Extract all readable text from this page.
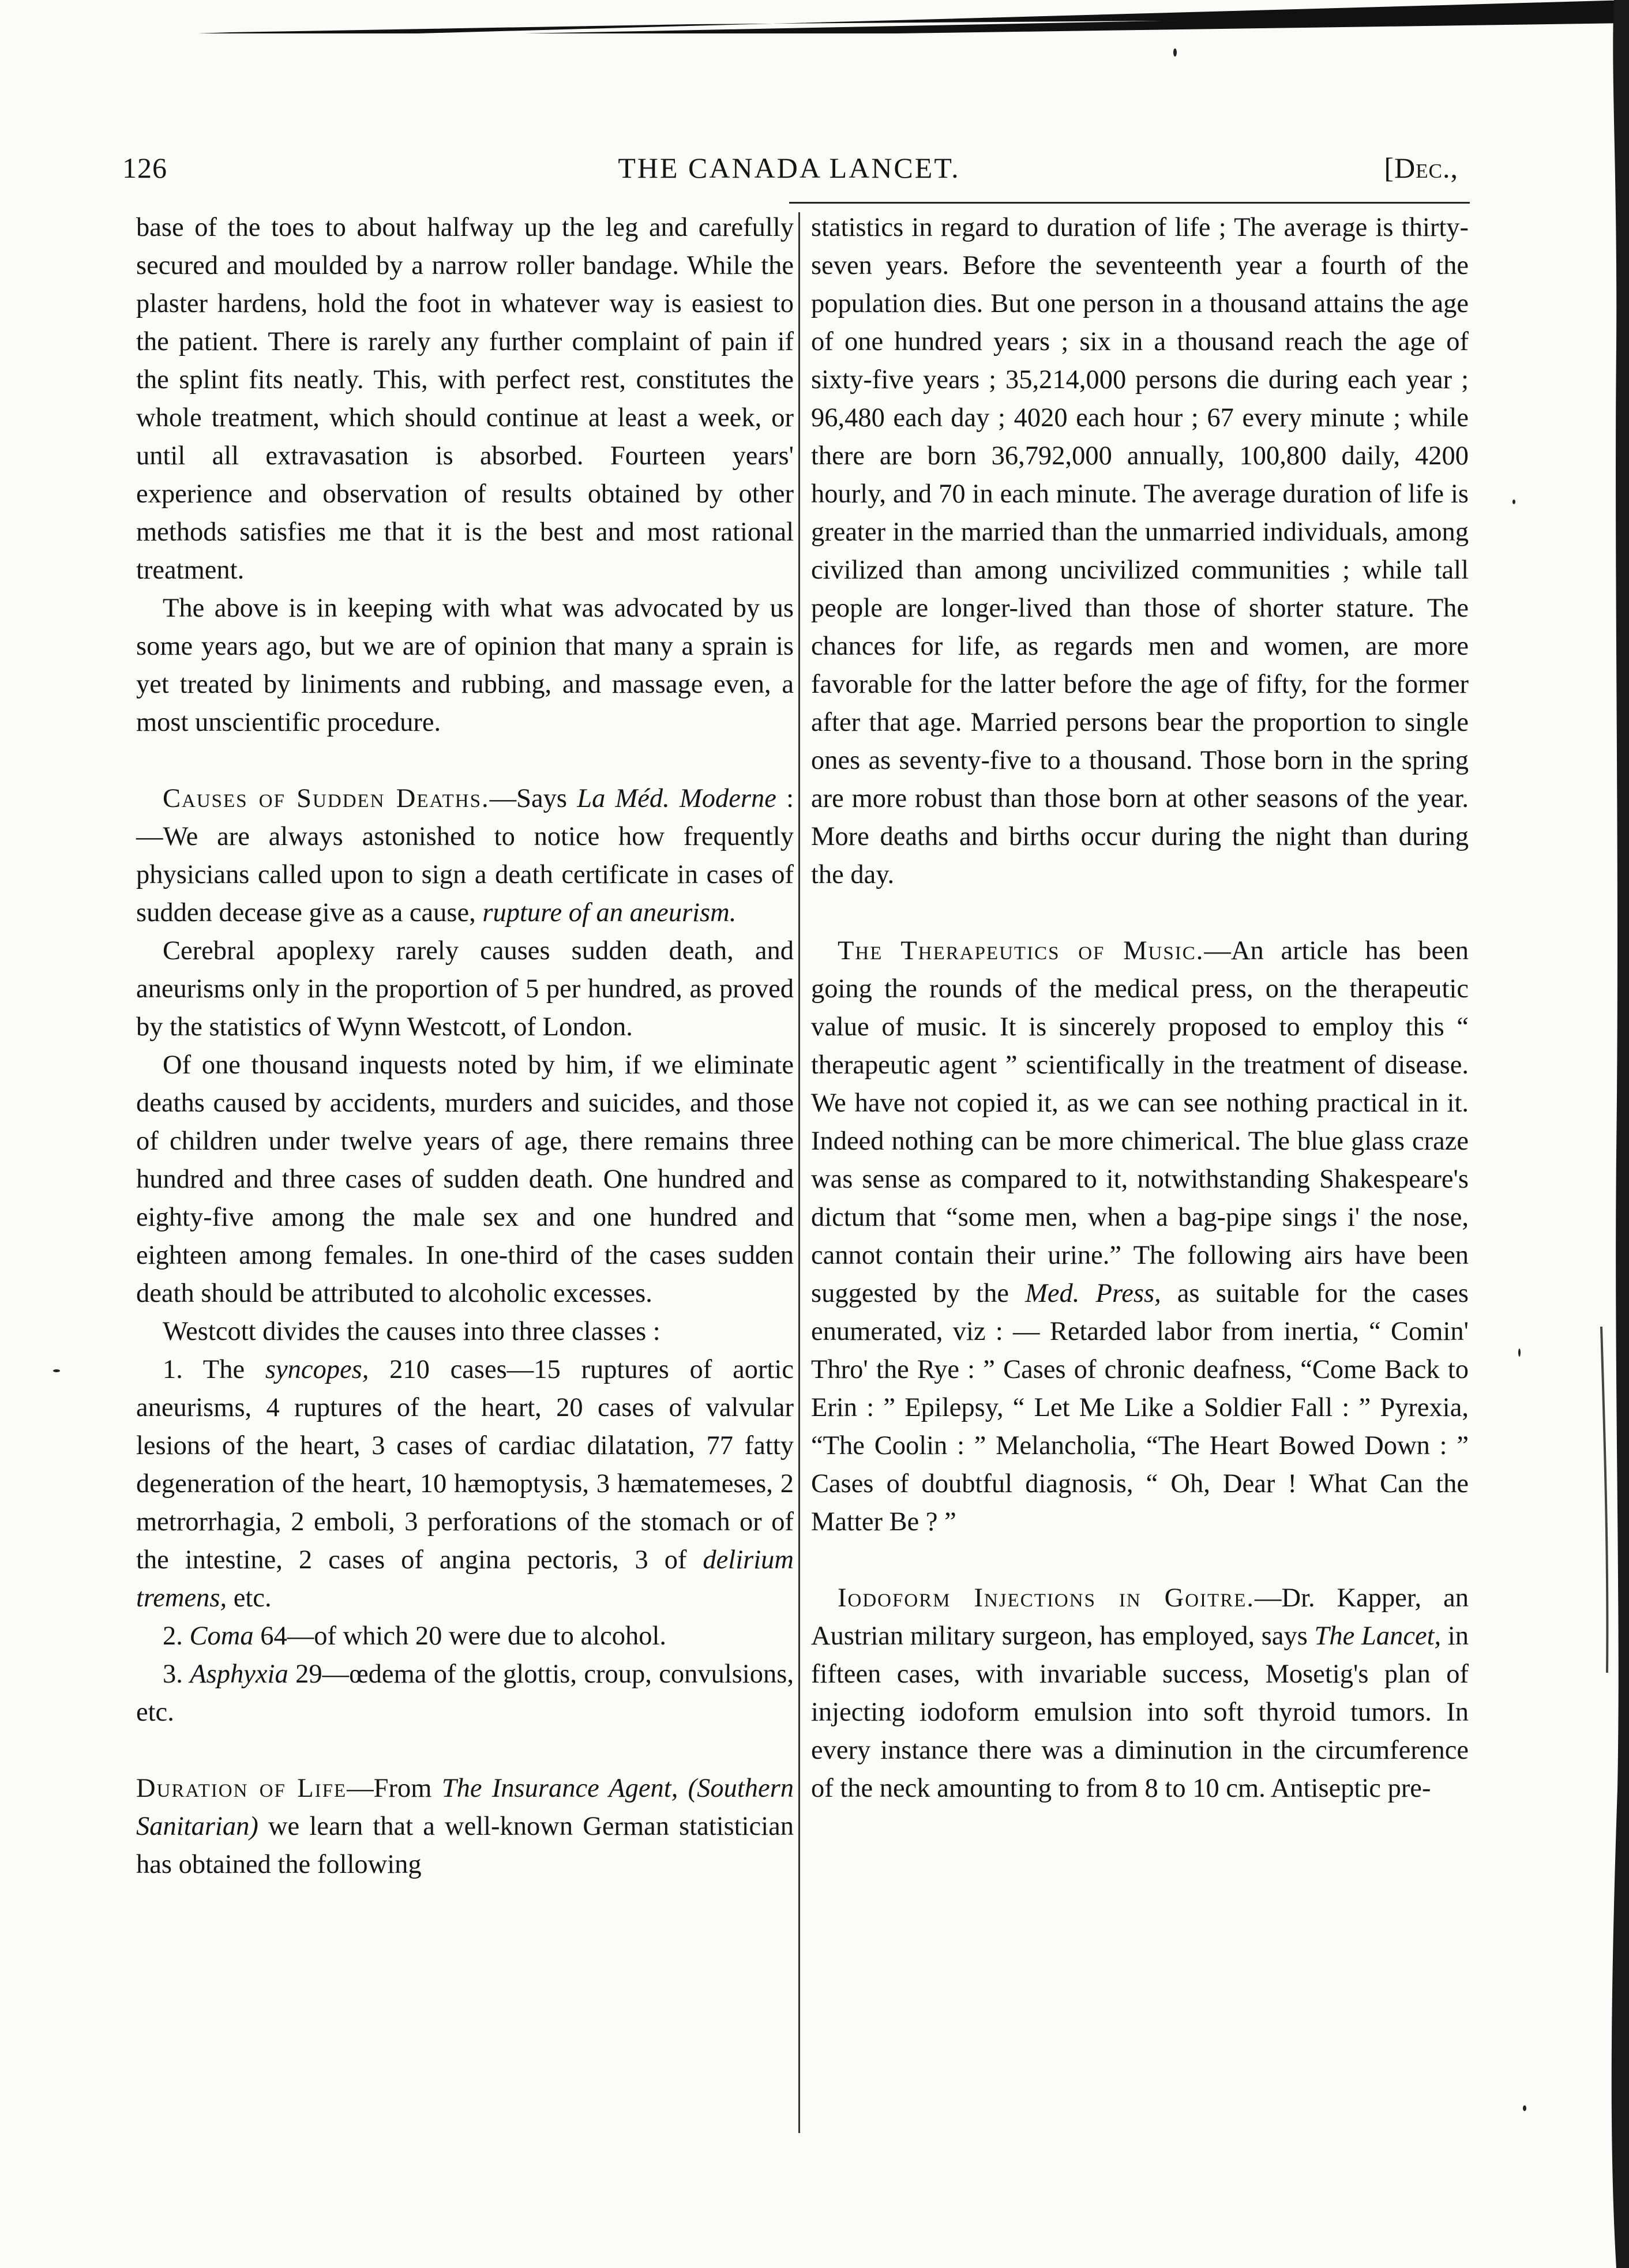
126	THE CANADA LANCET.	[Dec.,

base of the toes to about halfway up the leg and carefully secured and moulded by a narrow roller bandage. While the plaster hardens, hold the foot in whatever way is easiest to the patient. There is rarely any further complaint of pain if the splint fits neatly. This, with perfect rest, constitutes the whole treatment, which should continue at least a week, or until all extravasation is absorbed. Fourteen years' experience and observation of results obtained by other methods satisfies me that it is the best and most rational treatment.

The above is in keeping with what was advocated by us some years ago, but we are of opinion that many a sprain is yet treated by liniments and rubbing, and massage even, a most unscientific procedure.

Causes of Sudden Deaths.—Says La Méd. Moderne :—We are always astonished to notice how frequently physicians called upon to sign a death certificate in cases of sudden decease give as a cause, rupture of an aneurism.

Cerebral apoplexy rarely causes sudden death, and aneurisms only in the proportion of 5 per hundred, as proved by the statistics of Wynn Westcott, of London.

Of one thousand inquests noted by him, if we eliminate deaths caused by accidents, murders and suicides, and those of children under twelve years of age, there remains three hundred and three cases of sudden death. One hundred and eighty-five among the male sex and one hundred and eighteen among females. In one-third of the cases sudden death should be attributed to alcoholic excesses.

Westcott divides the causes into three classes :

1. The syncopes, 210 cases—15 ruptures of aortic aneurisms, 4 ruptures of the heart, 20 cases of valvular lesions of the heart, 3 cases of cardiac dilatation, 77 fatty degeneration of the heart, 10 hæmoptysis, 3 hæmatemeses, 2 metrorrhagia, 2 emboli, 3 perforations of the stomach or of the intestine, 2 cases of angina pectoris, 3 of delirium tremens, etc.

2. Coma 64—of which 20 were due to alcohol.

3. Asphyxia 29—œdema of the glottis, croup, convulsions, etc.

Duration of Life—From The Insurance Agent, (Southern Sanitarian) we learn that a well-known German statistician has obtained the following

statistics in regard to duration of life ; The average is thirty-seven years. Before the seventeenth year a fourth of the population dies. But one person in a thousand attains the age of one hundred years ; six in a thousand reach the age of sixty-five years ; 35,214,000 persons die during each year ; 96,480 each day ; 4020 each hour ; 67 every minute ; while there are born 36,792,000 annually, 100,800 daily, 4200 hourly, and 70 in each minute. The average duration of life is greater in the married than the unmarried individuals, among civilized than among uncivilized communities ; while tall people are longer-lived than those of shorter stature. The chances for life, as regards men and women, are more favorable for the latter before the age of fifty, for the former after that age. Married persons bear the proportion to single ones as seventy-five to a thousand. Those born in the spring are more robust than those born at other seasons of the year. More deaths and births occur during the night than during the day.

The Therapeutics of Music.—An article has been going the rounds of the medical press, on the therapeutic value of music. It is sincerely proposed to employ this “ therapeutic agent ” scientifically in the treatment of disease. We have not copied it, as we can see nothing practical in it. Indeed nothing can be more chimerical. The blue glass craze was sense as compared to it, notwithstanding Shakespeare's dictum that “some men, when a bag-pipe sings i' the nose, cannot contain their urine.” The following airs have been suggested by the Med. Press, as suitable for the cases enumerated, viz : — Retarded labor from inertia, “ Comin' Thro' the Rye : ” Cases of chronic deafness, “Come Back to Erin : ” Epilepsy, “ Let Me Like a Soldier Fall : ” Pyrexia, “The Coolin : ” Melancholia, “The Heart Bowed Down : ” Cases of doubtful diagnosis, “ Oh, Dear ! What Can the Matter Be ? ”

Iodoform Injections in Goitre.—Dr. Kapper, an Austrian military surgeon, has employed, says The Lancet, in fifteen cases, with invariable success, Mosetig's plan of injecting iodoform emulsion into soft thyroid tumors. In every instance there was a diminution in the circumference of the neck amounting to from 8 to 10 cm. Antiseptic pre-
